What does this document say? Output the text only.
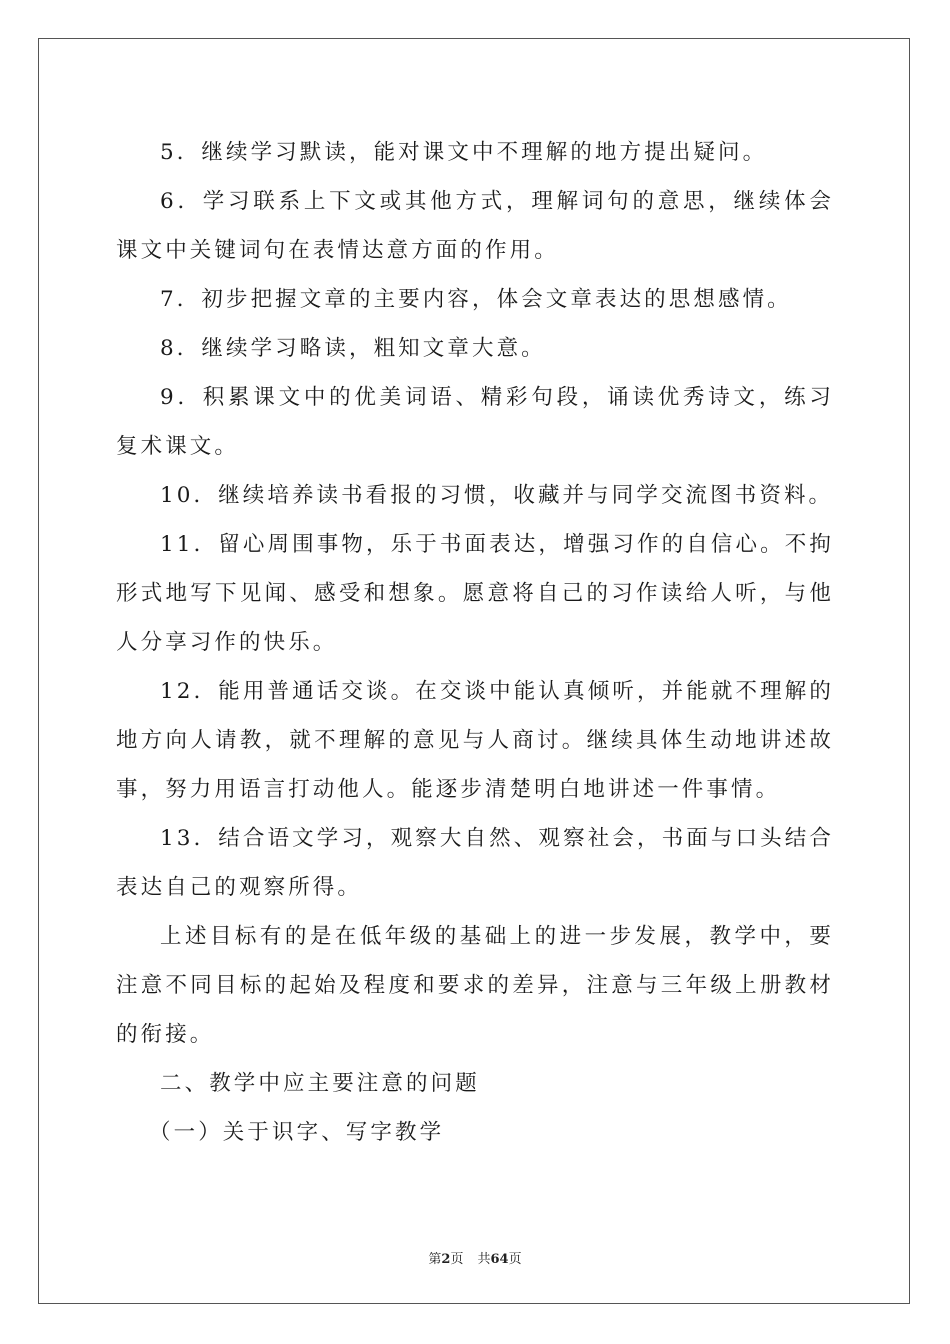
5．继续学习默读，能对课文中不理解的地方提出疑问。

6．学习联系上下文或其他方式，理解词句的意思，继续体会课文中关键词句在表情达意方面的作用。

7．初步把握文章的主要内容，体会文章表达的思想感情。

8．继续学习略读，粗知文章大意。

9．积累课文中的优美词语、精彩句段，诵读优秀诗文，练习复术课文。

10．继续培养读书看报的习惯，收藏并与同学交流图书资料。

11．留心周围事物，乐于书面表达，增强习作的自信心。不拘形式地写下见闻、感受和想象。愿意将自己的习作读给人听，与他人分享习作的快乐。

12．能用普通话交谈。在交谈中能认真倾听，并能就不理解的地方向人请教，就不理解的意见与人商讨。继续具体生动地讲述故事，努力用语言打动他人。能逐步清楚明白地讲述一件事情。

13．结合语文学习，观察大自然、观察社会，书面与口头结合表达自己的观察所得。

上述目标有的是在低年级的基础上的进一步发展，教学中，要注意不同目标的起始及程度和要求的差异，注意与三年级上册教材的衔接。

二、教学中应主要注意的问题

（一）关于识字、写字教学

第2页 共64页
